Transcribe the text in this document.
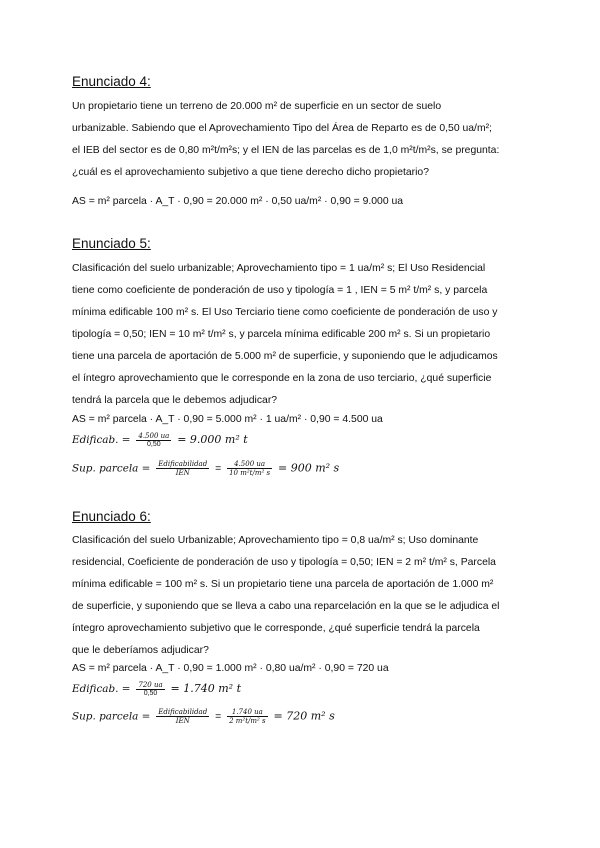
Enunciado 4:
Un propietario tiene un terreno de 20.000 m² de superficie en un sector de suelo
urbanizable. Sabiendo que el Aprovechamiento Tipo del Área de Reparto es de 0,50 ua/m²;
el IEB del sector es de 0,80 m²t/m²s; y el IEN de las parcelas es de 1,0 m²t/m²s, se pregunta:
¿cuál es el aprovechamiento subjetivo a que tiene derecho dicho propietario?
AS = m² parcela · A_T · 0,90 = 20.000 m² · 0,50 ua/m² · 0,90 = 9.000 ua
Enunciado 5:
Clasificación del suelo urbanizable; Aprovechamiento tipo = 1 ua/m² s; El Uso Residencial
tiene como coeficiente de ponderación de uso y tipología = 1 , IEN = 5 m² t/m² s, y parcela
mínima edificable 100 m² s. El Uso Terciario tiene como coeficiente de ponderación de uso y
tipología = 0,50; IEN = 10 m² t/m² s, y parcela mínima edificable 200 m² s. Si un propietario
tiene una parcela de aportación de 5.000 m² de superficie, y suponiendo que le adjudicamos
el íntegro aprovechamiento que le corresponde en la zona de uso terciario, ¿qué superficie
tendrá la parcela que le debemos adjudicar?
AS = m² parcela · A_T · 0,90 = 5.000 m² · 1 ua/m² · 0,90 = 4.500 ua
Edificab. = $\frac{4.500 ua}{0,50} = 9.000$ m² t
Sup. parcela = $\frac{\text{Edificabilidad}}{\text{IEN}} = \frac{4.500 ua}{\text{10 m²t/m² s}} = 900$ m² s
Enunciado 6:
Clasificación del suelo Urbanizable; Aprovechamiento tipo = 0,8 ua/m² s; Uso dominante
residencial, Coeficiente de ponderación de uso y tipología = 0,50; IEN = 2 m² t/m² s, Parcela
mínima edificable = 100 m² s. Si un propietario tiene una parcela de aportación de 1.000 m²
de superficie, y suponiendo que se lleva a cabo una reparcelación en la que se le adjudica el
íntegro aprovechamiento subjetivo que le corresponde, ¿qué superficie tendrá la parcela
que le deberíamos adjudicar?
AS = m² parcela · A_T · 0,90 = 1.000 m² · 0,80 ua/m² · 0,90 = 720 ua
Edificab. = $\frac{720 ua}{0,50} = 1.740$ m² t
Sup. parcela = $\frac{\text{Edificabilidad}}{\text{IEN}} = \frac{1.740 ua}{\text{2 m²t/m² s}} = 720$ m² s
